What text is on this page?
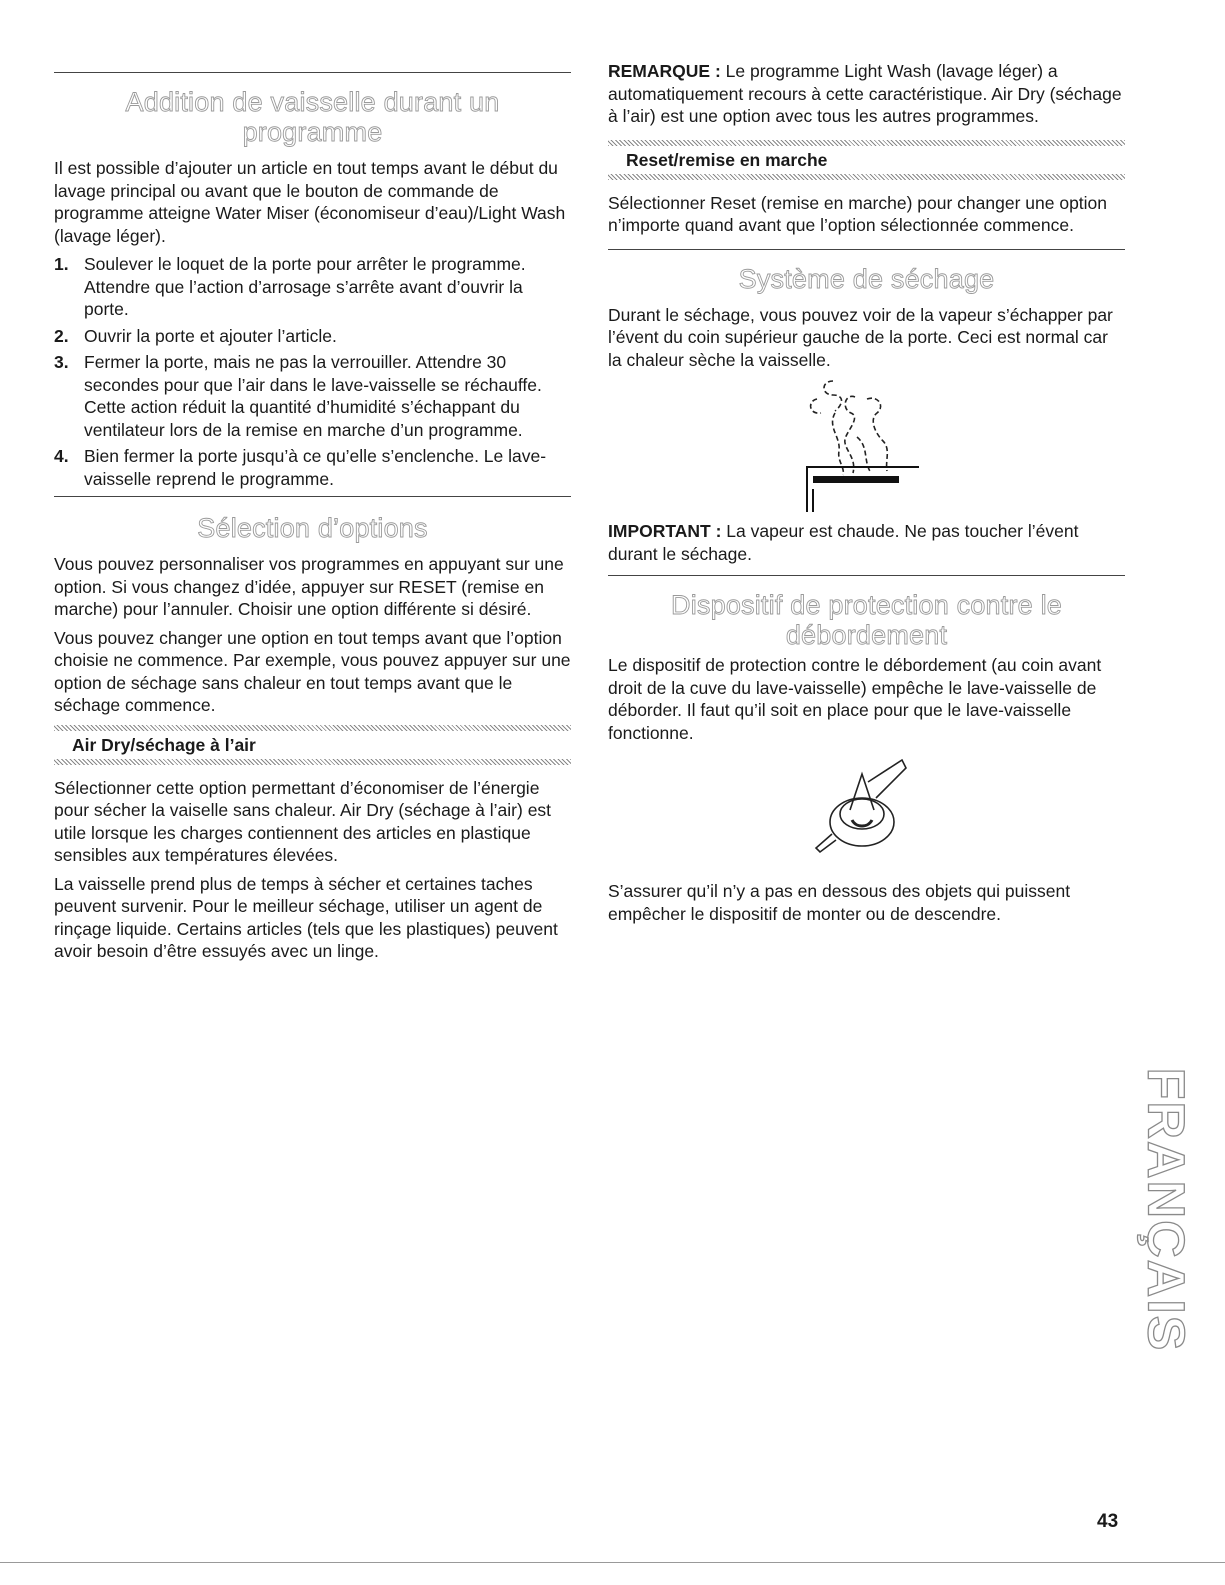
Addition de vaisselle durant un programme

Il est possible d’ajouter un article en tout temps avant le début du lavage principal ou avant que le bouton de commande de programme atteigne Water Miser (économiseur d’eau)/Light Wash (lavage léger).

1. Soulever le loquet de la porte pour arrêter le programme. Attendre que l’action d’arrosage s’arrête avant d’ouvrir la porte.
2. Ouvrir la porte et ajouter l’article.
3. Fermer la porte, mais ne pas la verrouiller. Attendre 30 secondes pour que l’air dans le lave-vaisselle se réchauffe. Cette action réduit la quantité d’humidité s’échappant du ventilateur lors de la remise en marche d’un programme.
4. Bien fermer la porte jusqu’à ce qu’elle s’enclenche. Le lave-vaisselle reprend le programme.
Sélection d’options

Vous pouvez personnaliser vos programmes en appuyant sur une option. Si vous changez d’idée, appuyer sur RESET (remise en marche) pour l’annuler. Choisir une option différente si désiré.

Vous pouvez changer une option en tout temps avant que l’option choisie ne commence. Par exemple, vous pouvez appuyer sur une option de séchage sans chaleur en tout temps avant que le séchage commence.

Air Dry/séchage à l’air

Sélectionner cette option permettant d’économiser de l’énergie pour sécher la vaiselle sans chaleur. Air Dry (séchage à l’air) est utile lorsque les charges contiennent des articles en plastique sensibles aux températures élevées.

La vaisselle prend plus de temps à sécher et certaines taches peuvent survenir. Pour le meilleur séchage, utiliser un agent de rinçage liquide. Certains articles (tels que les plastiques) peuvent avoir besoin d’être essuyés avec un linge.

REMARQUE : Le programme Light Wash (lavage léger) a automatiquement recours à cette caractéristique. Air Dry (séchage à l’air) est une option avec tous les autres programmes.

Reset/remise en marche

Sélectionner Reset (remise en marche) pour changer une option n’importe quand avant que l’option sélectionnée commence.

Système de séchage

Durant le séchage, vous pouvez voir de la vapeur s’échapper par l’évent du coin supérieur gauche de la porte. Ceci est normal car la chaleur sèche la vaisselle.

IMPORTANT : La vapeur est chaude. Ne pas toucher l’évent durant le séchage.

Dispositif de protection contre le
débordement

Le dispositif de protection contre le débordement (au coin avant droit de la cuve du lave-vaisselle) empêche le lave-vaisselle de déborder. Il faut qu’il soit en place pour que le lave-vaisselle fonctionne.

S’assurer qu’il n’y a pas en dessous des objets qui puissent empêcher le dispositif de monter ou de descendre.

FRANÇAIS
43
